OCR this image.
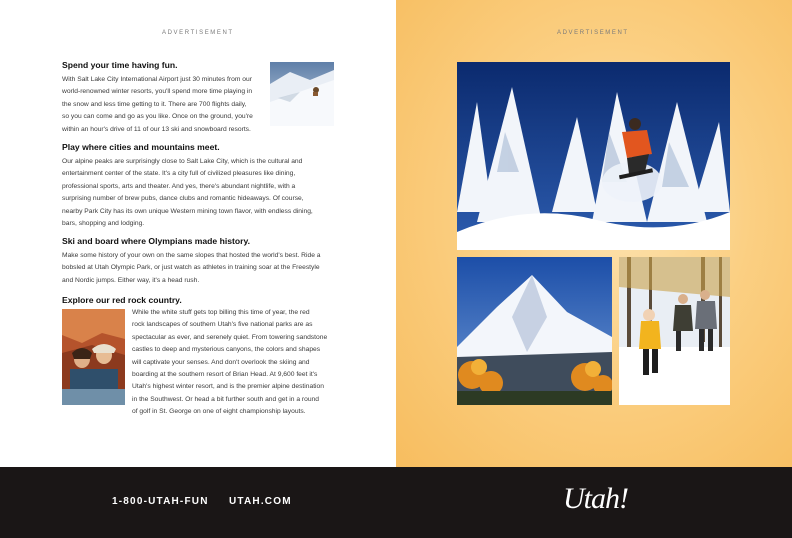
ADVERTISEMENT	ADVERTISEMENT
Spend your time having fun.

With Salt Lake City International Airport just 30 minutes from our
world-renowned winter resorts, you'll spend more time playing in
the snow and less time getting to it. There are 700 flights daily,
so you can come and go as you like. Once on the ground, you're
within an hour's drive of 11 of our 13 ski and snowboard resorts.

Play where cities and mountains meet.

Our alpine peaks are surprisingly close to Salt Lake City, which is the cultural and
entertainment center of the state. It's a city full of civilized pleasures like dining,
professional sports, arts and theater. And yes, there's abundant nightlife, with a
surprising number of brew pubs, dance clubs and romantic hideaways. Of course,
nearby Park City has its own unique Western mining town flavor, with endless dining,
bars, shopping and lodging.

Ski and board where Olympians made history.

Make some history of your own on the same slopes that hosted the world's best. Ride a
bobsled at Utah Olympic Park, or just watch as athletes in training soar at the Freestyle
and Nordic jumps. Either way, it's a head rush.

Explore our red rock country.

While the white stuff gets top billing this time of year, the red
rock landscapes of southern Utah's five national parks are as
spectacular as ever, and serenely quiet. From towering sandstone
castles to deep and mysterious canyons, the colors and shapes
will captivate your senses. And don't overlook the skiing and
boarding at the southern resort of Brian Head. At 9,600 feet it's
Utah's highest winter resort, and is the premier alpine destination
in the Southwest. Or head a bit further south and get in a round
of golf in St. George on one of eight championship layouts.

1-800-UTAH-FUN UTAH.COM	Utah!
